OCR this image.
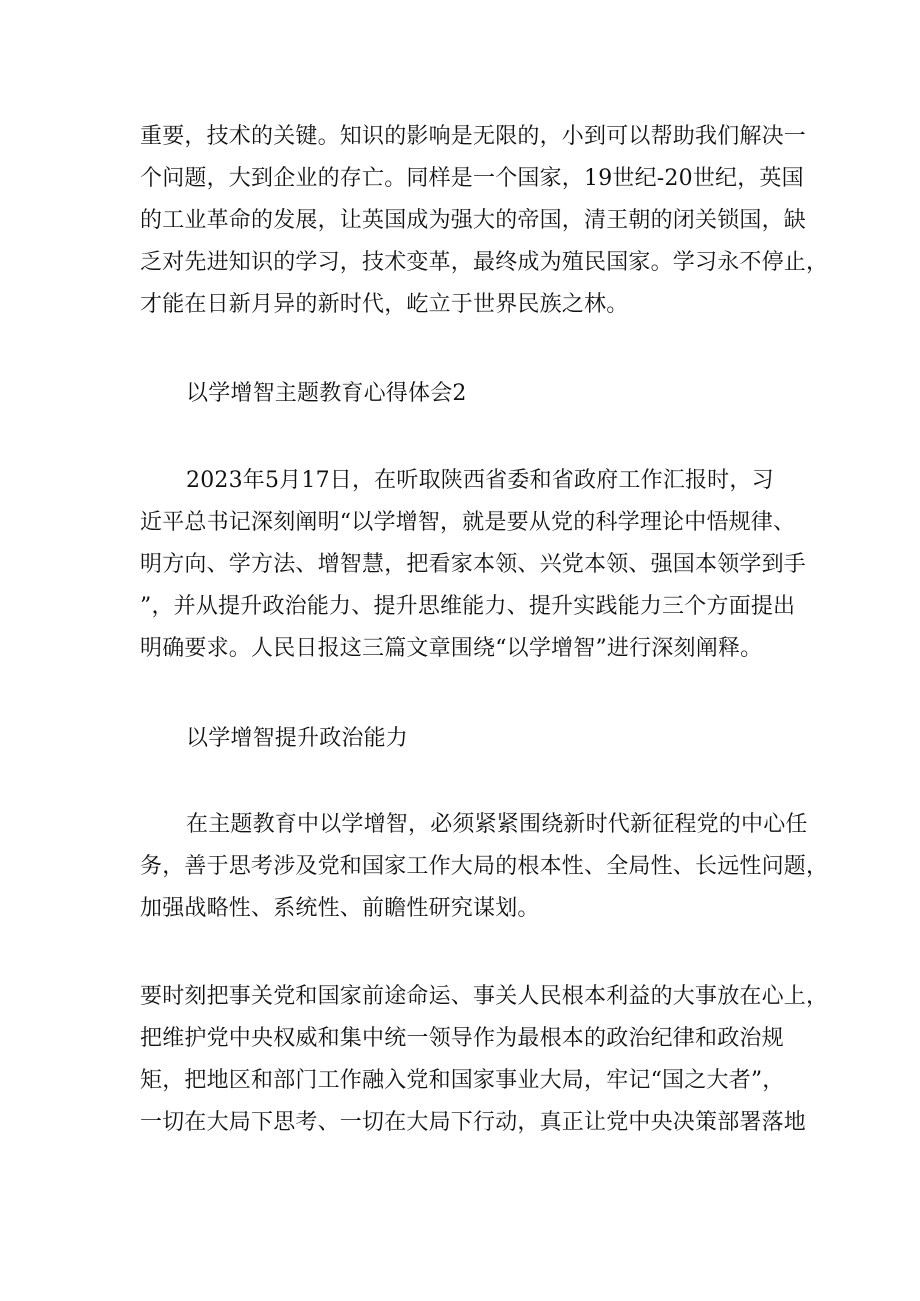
重要，技术的关键。知识的影响是无限的，小到可以帮助我们解决一
个问题，大到企业的存亡。同样是一个国家，19世纪-20世纪，英国
的工业革命的发展，让英国成为强大的帝国，清王朝的闭关锁国，缺
乏对先进知识的学习，技术变革，最终成为殖民国家。学习永不停止，
才能在日新月异的新时代，屹立于世界民族之林。
以学增智主题教育心得体会2
2023年5月17日，在听取陕西省委和省政府工作汇报时，习
近平总书记深刻阐明“以学增智，就是要从党的科学理论中悟规律、
明方向、学方法、增智慧，把看家本领、兴党本领、强国本领学到手
”，并从提升政治能力、提升思维能力、提升实践能力三个方面提出
明确要求。人民日报这三篇文章围绕“以学增智”进行深刻阐释。
以学增智提升政治能力
在主题教育中以学增智，必须紧紧围绕新时代新征程党的中心任
务，善于思考涉及党和国家工作大局的根本性、全局性、长远性问题，
加强战略性、系统性、前瞻性研究谋划。
要时刻把事关党和国家前途命运、事关人民根本利益的大事放在心上，
把维护党中央权威和集中统一领导作为最根本的政治纪律和政治规
矩，把地区和部门工作融入党和国家事业大局，牢记“国之大者”，
一切在大局下思考、一切在大局下行动，真正让党中央决策部署落地
